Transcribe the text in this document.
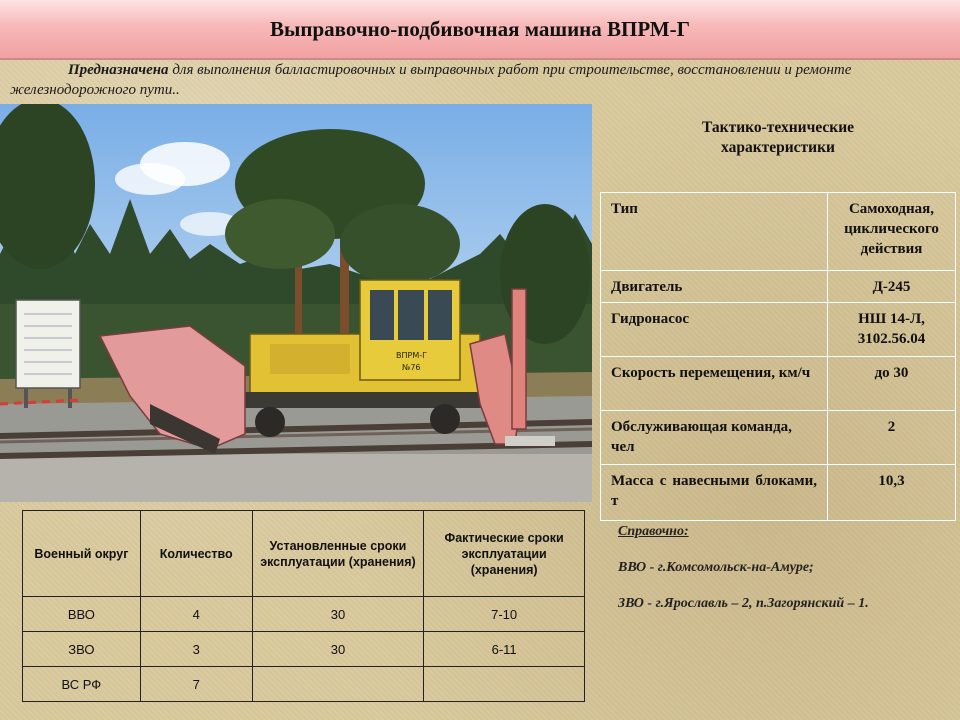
Выправочно-подбивочная машина ВПРМ-Г
Предназначена для выполнения балластировочных и выправочных работ при строительстве, восстановлении и ремонте железнодорожного пути..
ВПРМ-Г
№76
Тактико-технические
характеристики
Тип	Самоходная, циклического действия
Двигатель	Д-245
Гидронасос	НШ 14-Л, 3102.56.04
Скорость перемещения, км/ч	до 30
Обслуживающая команда, чел	2
Масса с навесными блоками, т	10,3
Военный округ	Количество	Установленные сроки эксплуатации (хранения)	Фактические сроки эксплуатации (хранения)
ВВО	4	30	7-10
ЗВО	3	30	6-11
ВС РФ	7		
Справочно:
ВВО - г.Комсомольск-на-Амуре;
ЗВО - г.Ярославль – 2, п.Загорянский – 1.
